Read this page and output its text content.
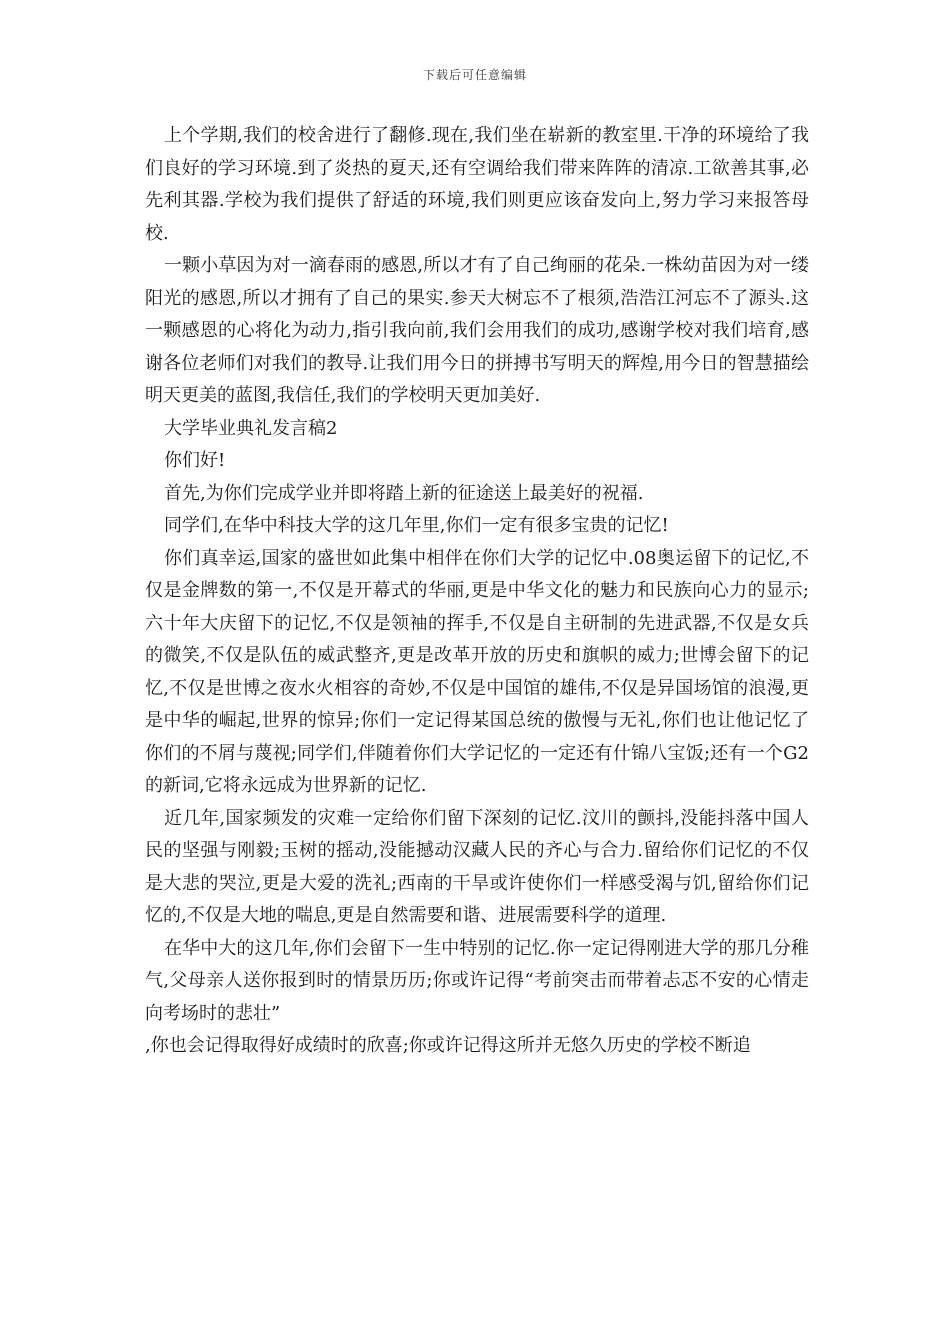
下载后可任意编辑

上个学期,我们的校舍进行了翻修.现在,我们坐在崭新的教室里.干净的环境给了我们良好的学习环境.到了炎热的夏天,还有空调给我们带来阵阵的清凉.工欲善其事,必先利其器.学校为我们提供了舒适的环境,我们则更应该奋发向上,努力学习来报答母校.

一颗小草因为对一滴春雨的感恩,所以才有了自己绚丽的花朵.一株幼苗因为对一缕阳光的感恩,所以才拥有了自己的果实.参天大树忘不了根须,浩浩江河忘不了源头.这一颗感恩的心将化为动力,指引我向前,我们会用我们的成功,感谢学校对我们培育,感谢各位老师们对我们的教导.让我们用今日的拼搏书写明天的辉煌,用今日的智慧描绘明天更美的蓝图,我信任,我们的学校明天更加美好.

大学毕业典礼发言稿2

你们好!

首先,为你们完成学业并即将踏上新的征途送上最美好的祝福.

同学们,在华中科技大学的这几年里,你们一定有很多宝贵的记忆!

你们真幸运,国家的盛世如此集中相伴在你们大学的记忆中.08奥运留下的记忆,不仅是金牌数的第一,不仅是开幕式的华丽,更是中华文化的魅力和民族向心力的显示;六十年大庆留下的记忆,不仅是领袖的挥手,不仅是自主研制的先进武器,不仅是女兵的微笑,不仅是队伍的威武整齐,更是改革开放的历史和旗帜的威力;世博会留下的记忆,不仅是世博之夜水火相容的奇妙,不仅是中国馆的雄伟,不仅是异国场馆的浪漫,更是中华的崛起,世界的惊异;你们一定记得某国总统的傲慢与无礼,你们也让他记忆了你们的不屑与蔑视;同学们,伴随着你们大学记忆的一定还有什锦八宝饭;还有一个G2的新词,它将永远成为世界新的记忆.

近几年,国家频发的灾难一定给你们留下深刻的记忆.汶川的颤抖,没能抖落中国人民的坚强与刚毅;玉树的摇动,没能撼动汉藏人民的齐心与合力.留给你们记忆的不仅是大悲的哭泣,更是大爱的洗礼;西南的干旱或许使你们一样感受渴与饥,留给你们记忆的,不仅是大地的喘息,更是自然需要和谐、进展需要科学的道理.

在华中大的这几年,你们会留下一生中特别的记忆.你一定记得刚进大学的那几分稚气,父母亲人送你报到时的情景历历;你或许记得“考前突击而带着忐忑不安的心情走向考场时的悲壮”

,你也会记得取得好成绩时的欣喜;你或许记得这所并无悠久历史的学校不断追
